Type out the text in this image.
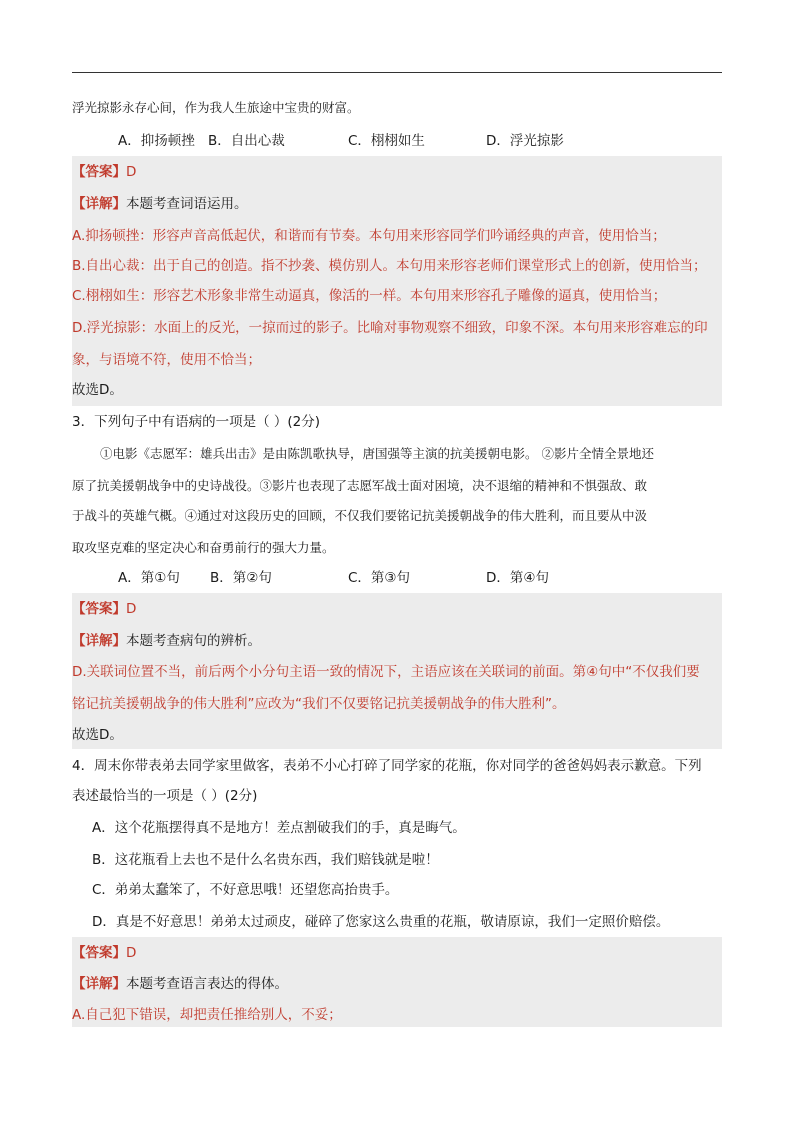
浮光掠影永存心间，作为我人生旅途中宝贵的财富。
A．抑扬顿挫 B．自出心裁	C．栩栩如生	D．浮光掠影
【答案】D
【详解】本题考查词语运用。
A.抑扬顿挫：形容声音高低起伏，和谐而有节奏。本句用来形容同学们吟诵经典的声音，使用恰当；
B.自出心裁：出于自己的创造。指不抄袭、模仿别人。本句用来形容老师们课堂形式上的创新，使用恰当；
C.栩栩如生：形容艺术形象非常生动逼真，像活的一样。本句用来形容孔子雕像的逼真，使用恰当；
D.浮光掠影：水面上的反光，一掠而过的影子。比喻对事物观察不细致，印象不深。本句用来形容难忘的印
象，与语境不符，使用不恰当；
故选D。
3．下列句子中有语病的一项是（ ）(2分)
①电影《志愿军：雄兵出击》是由陈凯歌执导，唐国强等主演的抗美援朝电影。 ②影片全情全景地还
原了抗美援朝战争中的史诗战役。③影片也表现了志愿军战士面对困境，决不退缩的精神和不惧强敌、敢
于战斗的英雄气概。④通过对这段历史的回顾，不仅我们要铭记抗美援朝战争的伟大胜利，而且要从中汲
取攻坚克难的坚定决心和奋勇前行的强大力量。
A．第①句 B．第②句	C．第③句	D．第④句
【答案】D
【详解】本题考查病句的辨析。
D.关联词位置不当，前后两个小分句主语一致的情况下，主语应该在关联词的前面。第④句中“不仅我们要
铭记抗美援朝战争的伟大胜利”应改为“我们不仅要铭记抗美援朝战争的伟大胜利”。
故选D。
4．周末你带表弟去同学家里做客，表弟不小心打碎了同学家的花瓶，你对同学的爸爸妈妈表示歉意。下列
表述最恰当的一项是（ ）(2分)
A．这个花瓶摆得真不是地方！差点割破我们的手，真是晦气。
B．这花瓶看上去也不是什么名贵东西，我们赔钱就是啦！
C．弟弟太蠢笨了，不好意思哦！还望您高抬贵手。
D．真是不好意思！弟弟太过顽皮，碰碎了您家这么贵重的花瓶，敬请原谅，我们一定照价赔偿。
【答案】D
【详解】本题考查语言表达的得体。
A.自己犯下错误，却把责任推给别人，不妥；
